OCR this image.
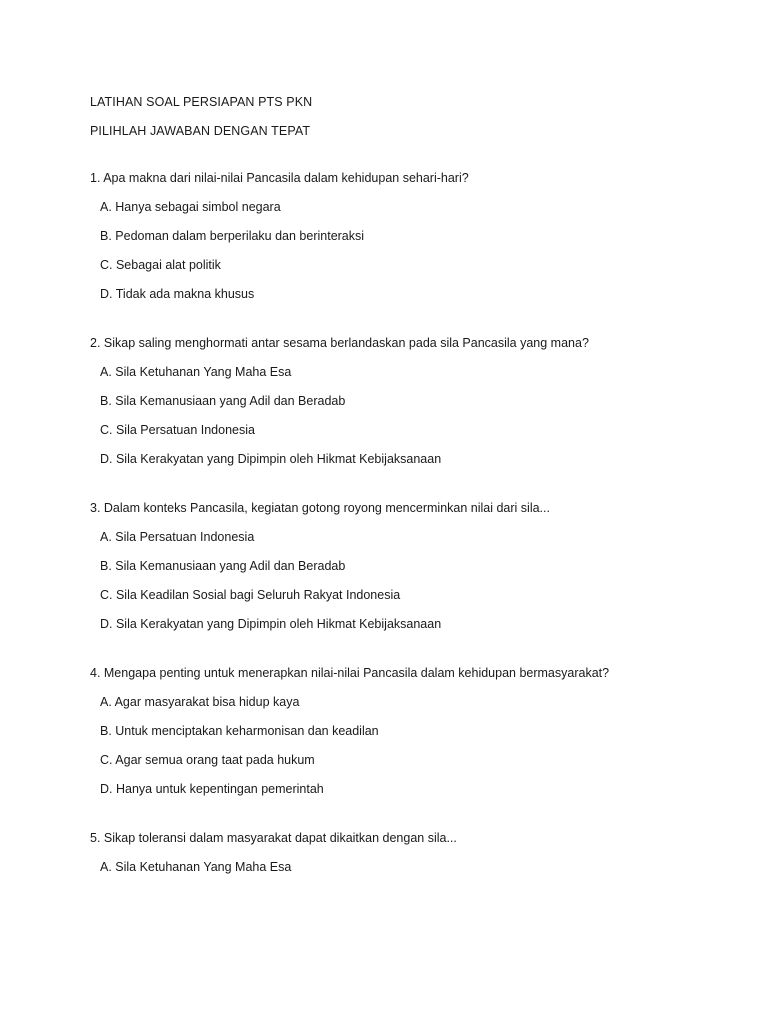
LATIHAN SOAL PERSIAPAN PTS PKN

PILIHLAH JAWABAN DENGAN TEPAT

1. Apa makna dari nilai-nilai Pancasila dalam kehidupan sehari-hari?

A. Hanya sebagai simbol negara
B. Pedoman dalam berperilaku dan berinteraksi
C. Sebagai alat politik
D. Tidak ada makna khusus

2. Sikap saling menghormati antar sesama berlandaskan pada sila Pancasila yang mana?

A. Sila Ketuhanan Yang Maha Esa
B. Sila Kemanusiaan yang Adil dan Beradab
C. Sila Persatuan Indonesia
D. Sila Kerakyatan yang Dipimpin oleh Hikmat Kebijaksanaan

3. Dalam konteks Pancasila, kegiatan gotong royong mencerminkan nilai dari sila...

A. Sila Persatuan Indonesia
B. Sila Kemanusiaan yang Adil dan Beradab
C. Sila Keadilan Sosial bagi Seluruh Rakyat Indonesia
D. Sila Kerakyatan yang Dipimpin oleh Hikmat Kebijaksanaan

4. Mengapa penting untuk menerapkan nilai-nilai Pancasila dalam kehidupan bermasyarakat?

A. Agar masyarakat bisa hidup kaya
B. Untuk menciptakan keharmonisan dan keadilan
C. Agar semua orang taat pada hukum
D. Hanya untuk kepentingan pemerintah

5. Sikap toleransi dalam masyarakat dapat dikaitkan dengan sila...

A. Sila Ketuhanan Yang Maha Esa
